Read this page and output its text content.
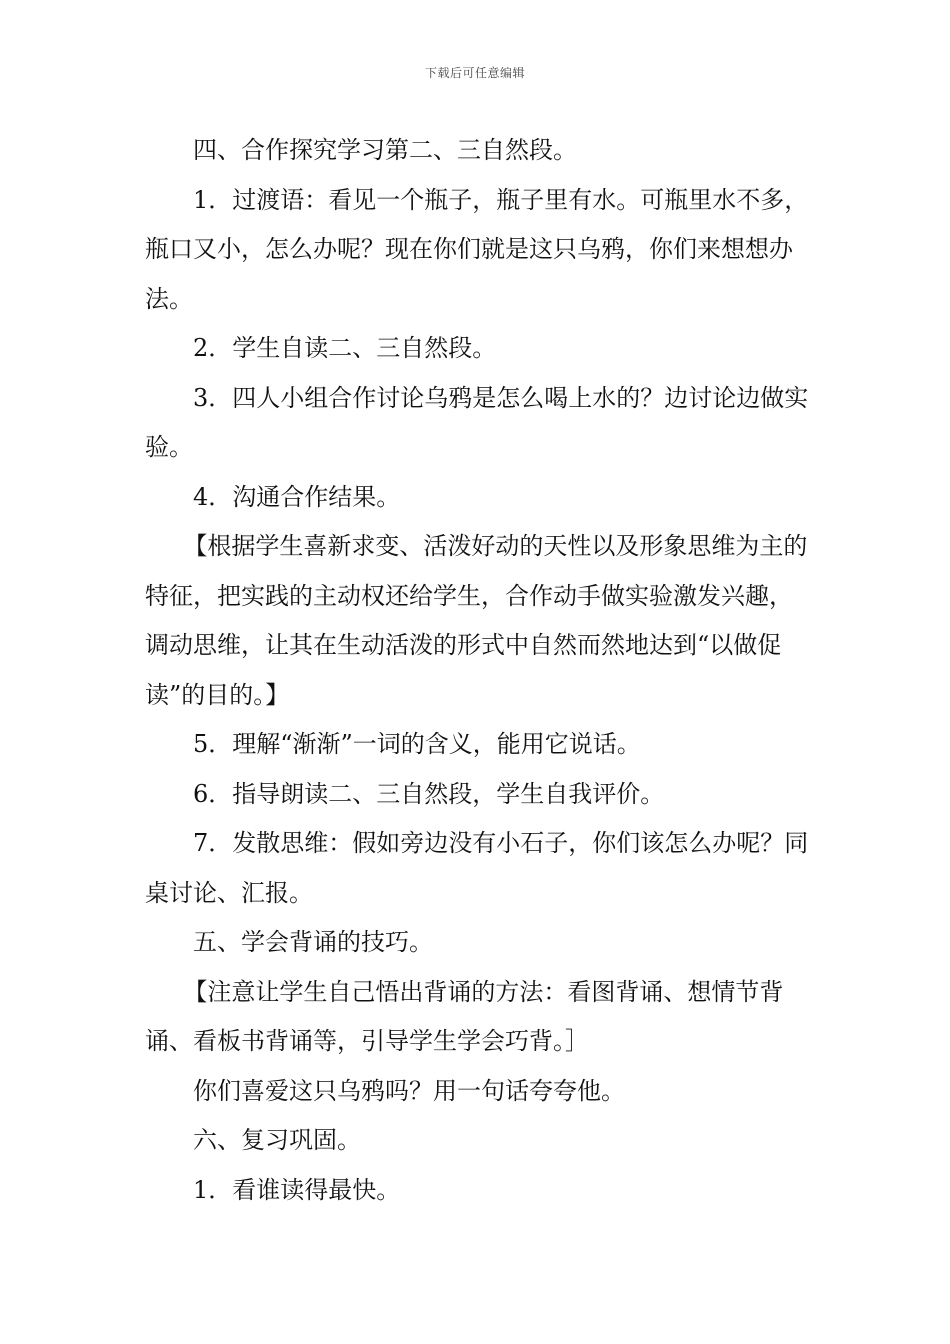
下载后可任意编辑

四、合作探究学习第二、三自然段。

1．过渡语：看见一个瓶子，瓶子里有水。可瓶里水不多，瓶口又小，怎么办呢？现在你们就是这只乌鸦，你们来想想办法。

2．学生自读二、三自然段。

3．四人小组合作讨论乌鸦是怎么喝上水的？边讨论边做实验。

4．沟通合作结果。

【根据学生喜新求变、活泼好动的天性以及形象思维为主的特征，把实践的主动权还给学生，合作动手做实验激发兴趣，调动思维，让其在生动活泼的形式中自然而然地达到“以做促读”的目的。】

5．理解“渐渐”一词的含义，能用它说话。

6．指导朗读二、三自然段，学生自我评价。

7．发散思维：假如旁边没有小石子，你们该怎么办呢？同桌讨论、汇报。

五、学会背诵的技巧。

【注意让学生自己悟出背诵的方法：看图背诵、想情节背诵、看板书背诵等，引导学生学会巧背。］

你们喜爱这只乌鸦吗？用一句话夸夸他。

六、复习巩固。

1．看谁读得最快。
